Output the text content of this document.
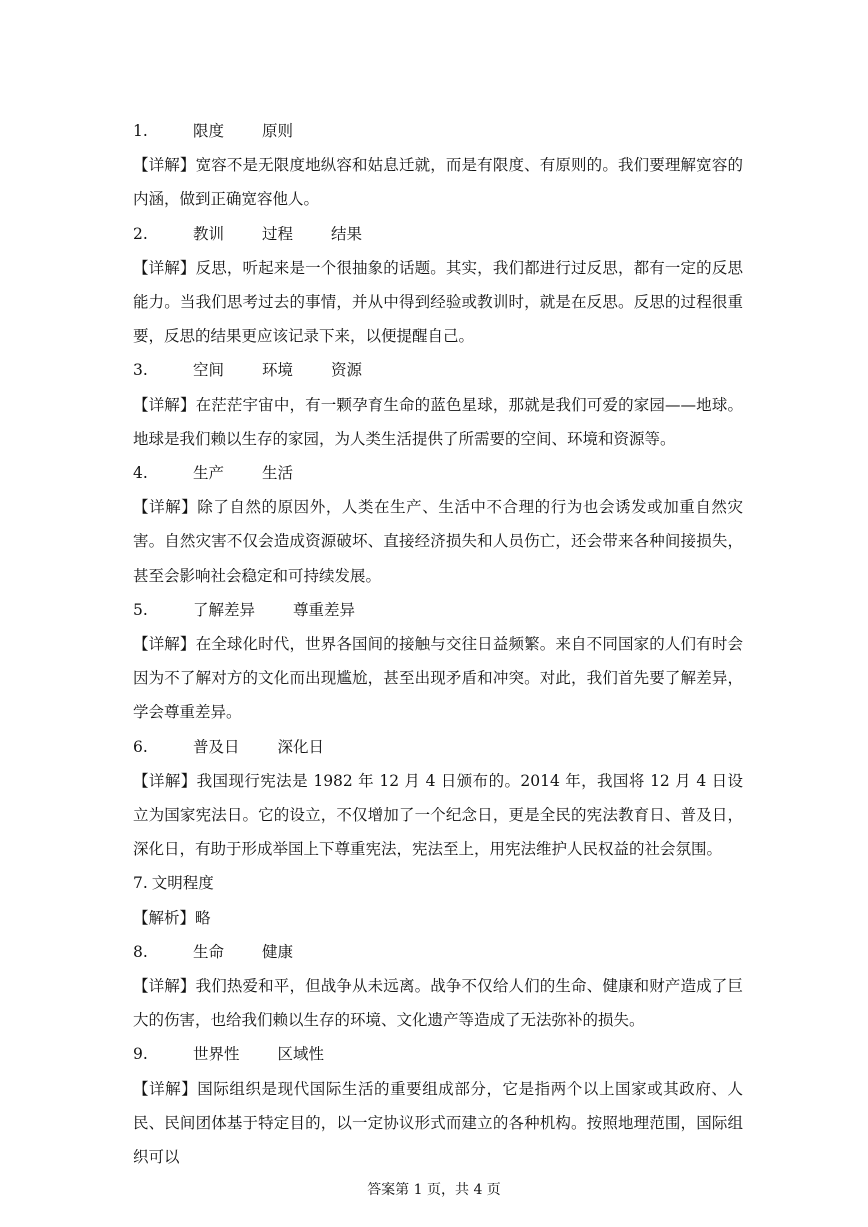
1.	限度 原则
【详解】宽容不是无限度地纵容和姑息迁就，而是有限度、有原则的。我们要理解宽容的内涵，做到正确宽容他人。
2.	教训 过程 结果
【详解】反思，听起来是一个很抽象的话题。其实，我们都进行过反思，都有一定的反思能力。当我们思考过去的事情，并从中得到经验或教训时，就是在反思。反思的过程很重要，反思的结果更应该记录下来，以便提醒自己。
3.	空间 环境 资源
【详解】在茫茫宇宙中，有一颗孕育生命的蓝色星球，那就是我们可爱的家园——地球。地球是我们赖以生存的家园，为人类生活提供了所需要的空间、环境和资源等。
4.	生产 生活
【详解】除了自然的原因外，人类在生产、生活中不合理的行为也会诱发或加重自然灾害。自然灾害不仅会造成资源破坏、直接经济损失和人员伤亡，还会带来各种间接损失，甚至会影响社会稳定和可持续发展。
5.	了解差异 尊重差异
【详解】在全球化时代，世界各国间的接触与交往日益频繁。来自不同国家的人们有时会因为不了解对方的文化而出现尴尬，甚至出现矛盾和冲突。对此，我们首先要了解差异，学会尊重差异。
6.	普及日 深化日
【详解】我国现行宪法是 1982 年 12 月 4 日颁布的。2014 年，我国将 12 月 4 日设立为国家宪法日。它的设立，不仅增加了一个纪念日，更是全民的宪法教育日、普及日，深化日，有助于形成举国上下尊重宪法，宪法至上，用宪法维护人民权益的社会氛围。
7. 文明程度
【解析】略
8.	生命 健康
【详解】我们热爱和平，但战争从未远离。战争不仅给人们的生命、健康和财产造成了巨大的伤害，也给我们赖以生存的环境、文化遗产等造成了无法弥补的损失。
9.	世界性 区域性
【详解】国际组织是现代国际生活的重要组成部分，它是指两个以上国家或其政府、人民、民间团体基于特定目的，以一定协议形式而建立的各种机构。按照地理范围，国际组织可以
答案第 1 页，共 4 页
